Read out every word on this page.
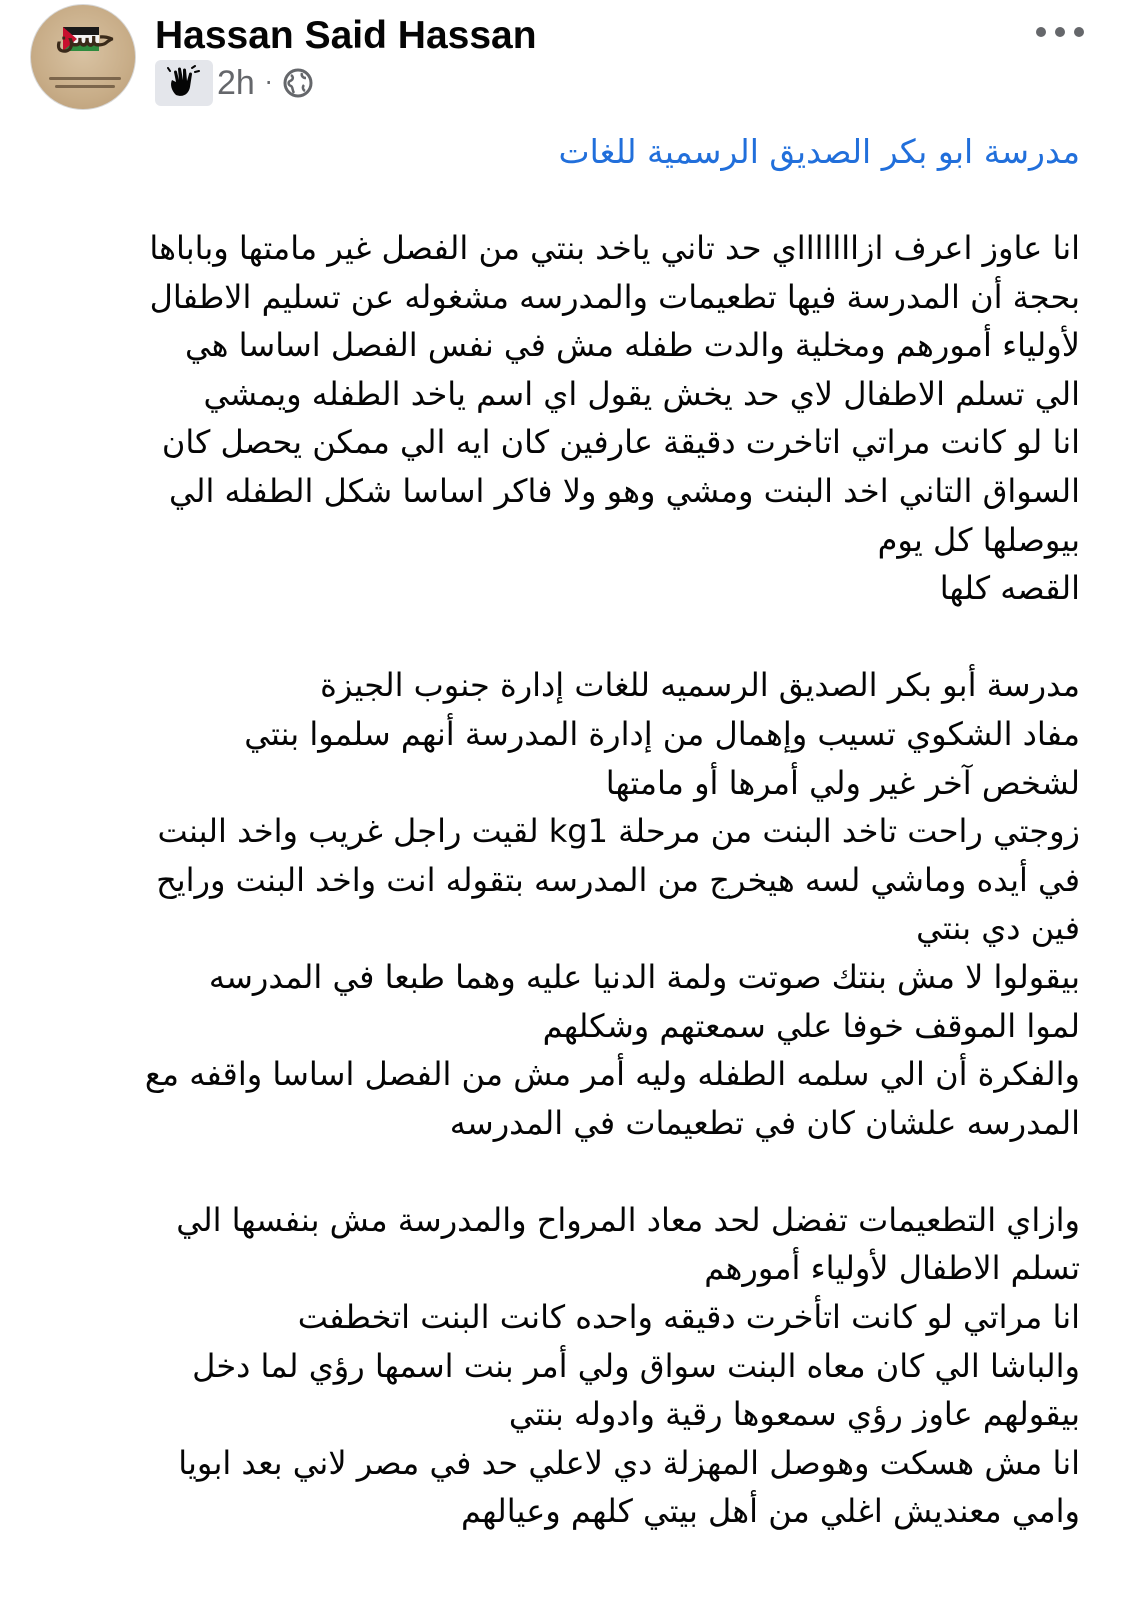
حسن Hassan Said Hassan
2h ·
مدرسة ابو بكر الصديق الرسمية للغات
انا عاوز اعرف ازاااااااي حد تاني ياخد بنتي من الفصل غير مامتها وباباها
بحجة أن المدرسة فيها تطعيمات والمدرسه مشغوله عن تسليم الاطفال
لأولياء أمورهم ومخلية والدت طفله مش في نفس الفصل اساسا هي
الي تسلم الاطفال لاي حد يخش يقول اي اسم ياخد الطفله ويمشي
انا لو كانت مراتي اتاخرت دقيقة عارفين كان ايه الي ممكن يحصل كان
السواق التاني اخد البنت ومشي وهو ولا فاكر اساسا شكل الطفله الي
بيوصلها كل يوم
القصه كلها
مدرسة أبو بكر الصديق الرسميه للغات إدارة جنوب الجيزة
مفاد الشكوي تسيب وإهمال من إدارة المدرسة أنهم سلموا بنتي
لشخص آخر غير ولي أمرها أو مامتها
زوجتي راحت تاخد البنت من مرحلة kg1 لقيت راجل غريب واخد البنت
في أيده وماشي لسه هيخرج من المدرسه بتقوله انت واخد البنت ورايح
فين دي بنتي
بيقولوا لا مش بنتك صوتت ولمة الدنيا عليه وهما طبعا في المدرسه
لموا الموقف خوفا علي سمعتهم وشكلهم
والفكرة أن الي سلمه الطفله وليه أمر مش من الفصل اساسا واقفه مع
المدرسه علشان كان في تطعيمات في المدرسه
وازاي التطعيمات تفضل لحد معاد المرواح والمدرسة مش بنفسها الي
تسلم الاطفال لأولياء أمورهم
انا مراتي لو كانت اتأخرت دقيقه واحده كانت البنت اتخطفت
والباشا الي كان معاه البنت سواق ولي أمر بنت اسمها رؤي لما دخل
بيقولهم عاوز رؤي سمعوها رقية وادوله بنتي
انا مش هسكت وهوصل المهزلة دي لاعلي حد في مصر لاني بعد ابويا
وامي معنديش اغلي من أهل بيتي كلهم وعيالهم
